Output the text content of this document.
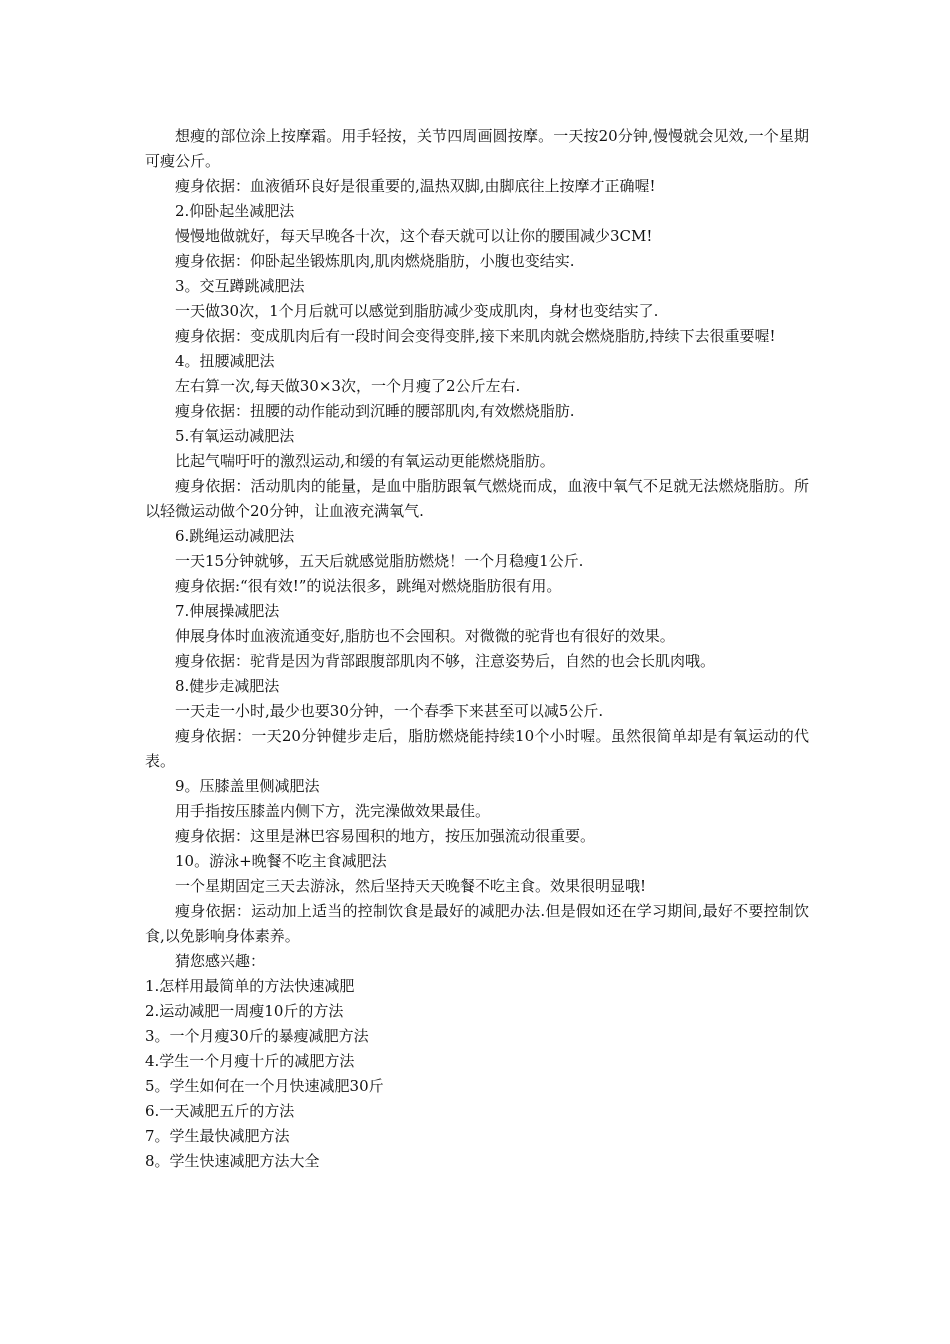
想瘦的部位涂上按摩霜。用手轻按，关节四周画圆按摩。一天按20分钟,慢慢就会见效,一个星期可瘦公斤。

瘦身依据：血液循环良好是很重要的,温热双脚,由脚底往上按摩才正确喔!

2.仰卧起坐减肥法

慢慢地做就好，每天早晚各十次，这个春天就可以让你的腰围减少3CM!

瘦身依据：仰卧起坐锻炼肌肉,肌肉燃烧脂肪，小腹也变结实.

3。交互蹲跳减肥法

一天做30次，1个月后就可以感觉到脂肪减少变成肌肉，身材也变结实了.

瘦身依据：变成肌肉后有一段时间会变得变胖,接下来肌肉就会燃烧脂肪,持续下去很重要喔!

4。扭腰减肥法

左右算一次,每天做30×3次，一个月瘦了2公斤左右.

瘦身依据：扭腰的动作能动到沉睡的腰部肌肉,有效燃烧脂肪.

5.有氧运动减肥法

比起气喘吁吁的激烈运动,和缓的有氧运动更能燃烧脂肪。

瘦身依据：活动肌肉的能量，是血中脂肪跟氧气燃烧而成，血液中氧气不足就无法燃烧脂肪。所以轻微运动做个20分钟，让血液充满氧气.

6.跳绳运动减肥法

一天15分钟就够，五天后就感觉脂肪燃烧！一个月稳瘦1公斤.

瘦身依据:“很有效!”的说法很多，跳绳对燃烧脂肪很有用。

7.伸展操减肥法

伸展身体时血液流通变好,脂肪也不会囤积。对微微的驼背也有很好的效果。

瘦身依据：驼背是因为背部跟腹部肌肉不够，注意姿势后，自然的也会长肌肉哦。

8.健步走减肥法

一天走一小时,最少也要30分钟，一个春季下来甚至可以减5公斤.

瘦身依据：一天20分钟健步走后，脂肪燃烧能持续10个小时喔。虽然很简单却是有氧运动的代表。

9。压膝盖里侧减肥法

用手指按压膝盖内侧下方，洗完澡做效果最佳。

瘦身依据：这里是淋巴容易囤积的地方，按压加强流动很重要。

10。游泳+晚餐不吃主食减肥法

一个星期固定三天去游泳，然后坚持天天晚餐不吃主食。效果很明显哦!

瘦身依据：运动加上适当的控制饮食是最好的减肥办法.但是假如还在学习期间,最好不要控制饮食,以免影响身体素养。

猜您感兴趣：

1.怎样用最简单的方法快速减肥
2.运动减肥一周瘦10斤的方法
3。一个月瘦30斤的暴瘦减肥方法
4.学生一个月瘦十斤的减肥方法
5。学生如何在一个月快速减肥30斤
6.一天减肥五斤的方法
7。学生最快减肥方法
8。学生快速减肥方法大全
